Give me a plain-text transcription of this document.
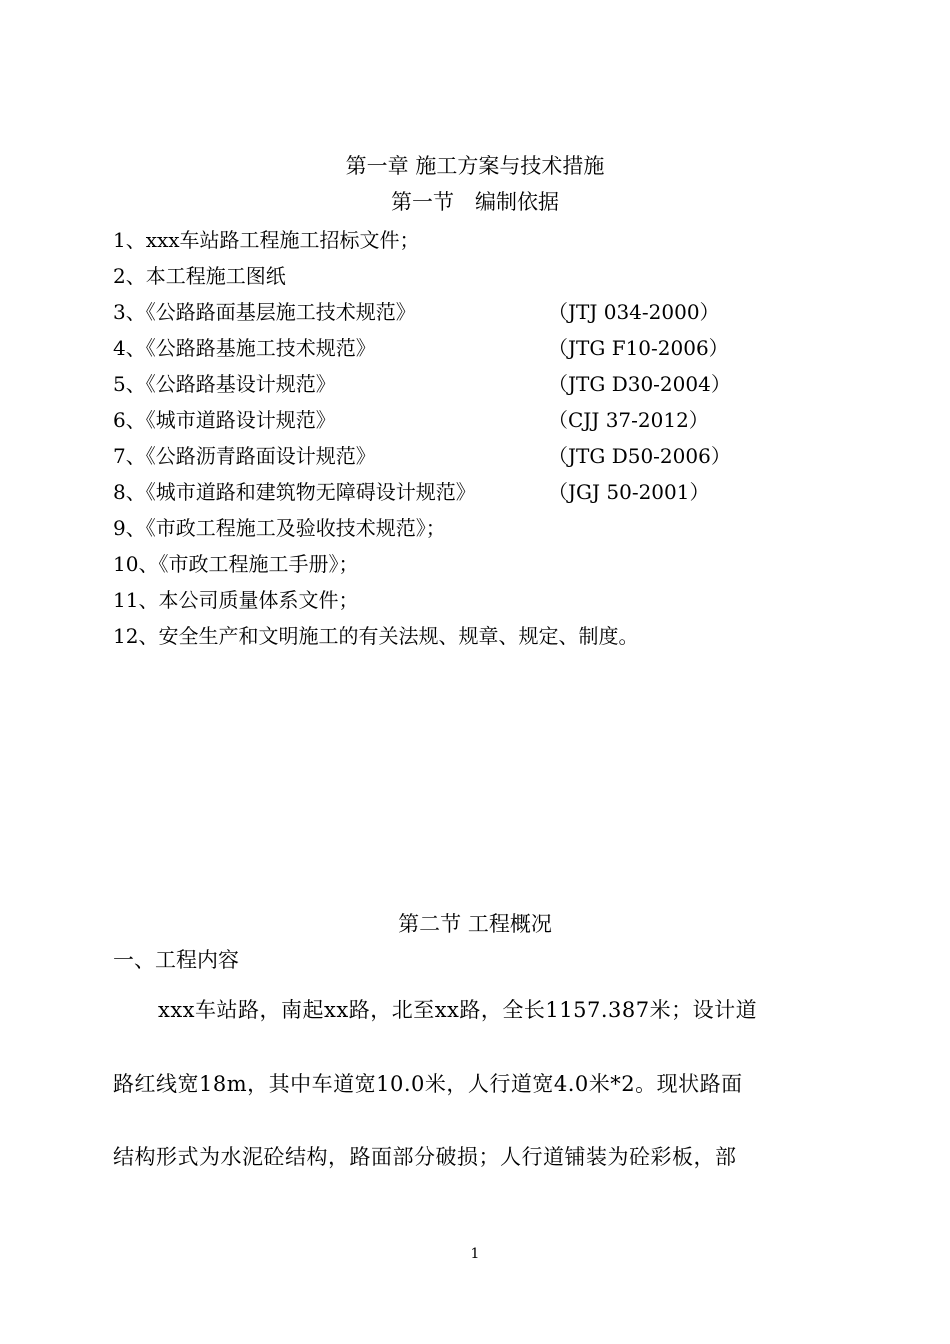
第一章 施工方案与技术措施
第一节　编制依据
1、xxx车站路工程施工招标文件；
2、本工程施工图纸
3、《公路路面基层施工技术规范》	（JTJ 034-2000）
4、《公路路基施工技术规范》	（JTG F10-2006）
5、《公路路基设计规范》	（JTG D30-2004）
6、《城市道路设计规范》	（CJJ 37-2012）
7、《公路沥青路面设计规范》	（JTG D50-2006）
8、《城市道路和建筑物无障碍设计规范》	（JGJ 50-2001）
9、《市政工程施工及验收技术规范》；
10、《市政工程施工手册》；
11、本公司质量体系文件；
12、安全生产和文明施工的有关法规、规章、规定、制度。
第二节 工程概况
一、工程内容
xxx车站路，南起xx路，北至xx路，全长1157.387米；设计道
路红线宽18m，其中车道宽10.0米，人行道宽4.0米*2。现状路面
结构形式为水泥砼结构，路面部分破损；人行道铺装为砼彩板，部
1
